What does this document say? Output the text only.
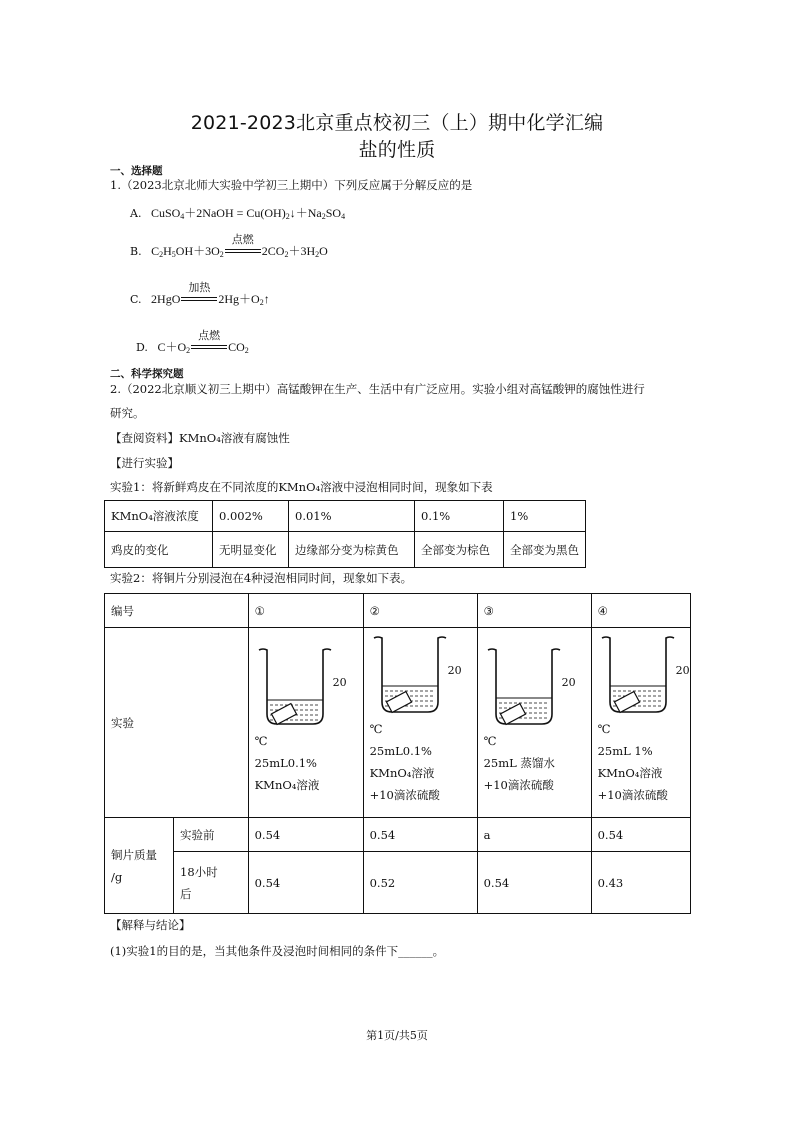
2021-2023北京重点校初三（上）期中化学汇编
盐的性质
一、选择题
1.（2023北京北师大实验中学初三上期中）下列反应属于分解反应的是
A.   CuSO$_4$＋2NaOH = $Cu(OH)_2↓+Na_2SO_4$
B.   $C_2H_5OH+3O_2$
点燃
$2CO_2+3H_2O$
C.   2HgO
加热
$2Hg+O_2↑$
D.   $C+O_2$
点燃
$CO_2$
二、科学探究题
2.（2022北京顺义初三上期中）高锰酸钾在生产、生活中有广泛应用。实验小组对高锰酸钾的腐蚀性进行
研究。
【查阅资料】KMnO₄溶液有腐蚀性
【进行实验】
实验1：将新鲜鸡皮在不同浓度的KMnO₄溶液中浸泡相同时间，现象如下表
KMnO₄溶液浓度	0.002%	0.01%	0.1%	1%
鸡皮的变化	无明显变化	边缘部分变为棕黄色	全部变为棕色	全部变为黑色
实验2：将铜片分别浸泡在4种浸泡相同时间，现象如下表。
编号		①	②	③	④
实验		20
℃
25mL0.1%
KMnO₄溶液	20
℃
25mL0.1%
KMnO₄溶液
+10滴浓硫酸	20
℃
25mL 蒸馏水
+10滴浓硫酸	20
℃
25mL 1%
KMnO₄溶液
+10滴浓硫酸

铜片质量
/g	实验前	0.54	0.54	a	0.54

	18小时
后	0.54	0.52	0.54	0.43
【解释与结论】
(1)实验1的目的是，当其他条件及浸泡时间相同的条件下______。
第1页/共5页
